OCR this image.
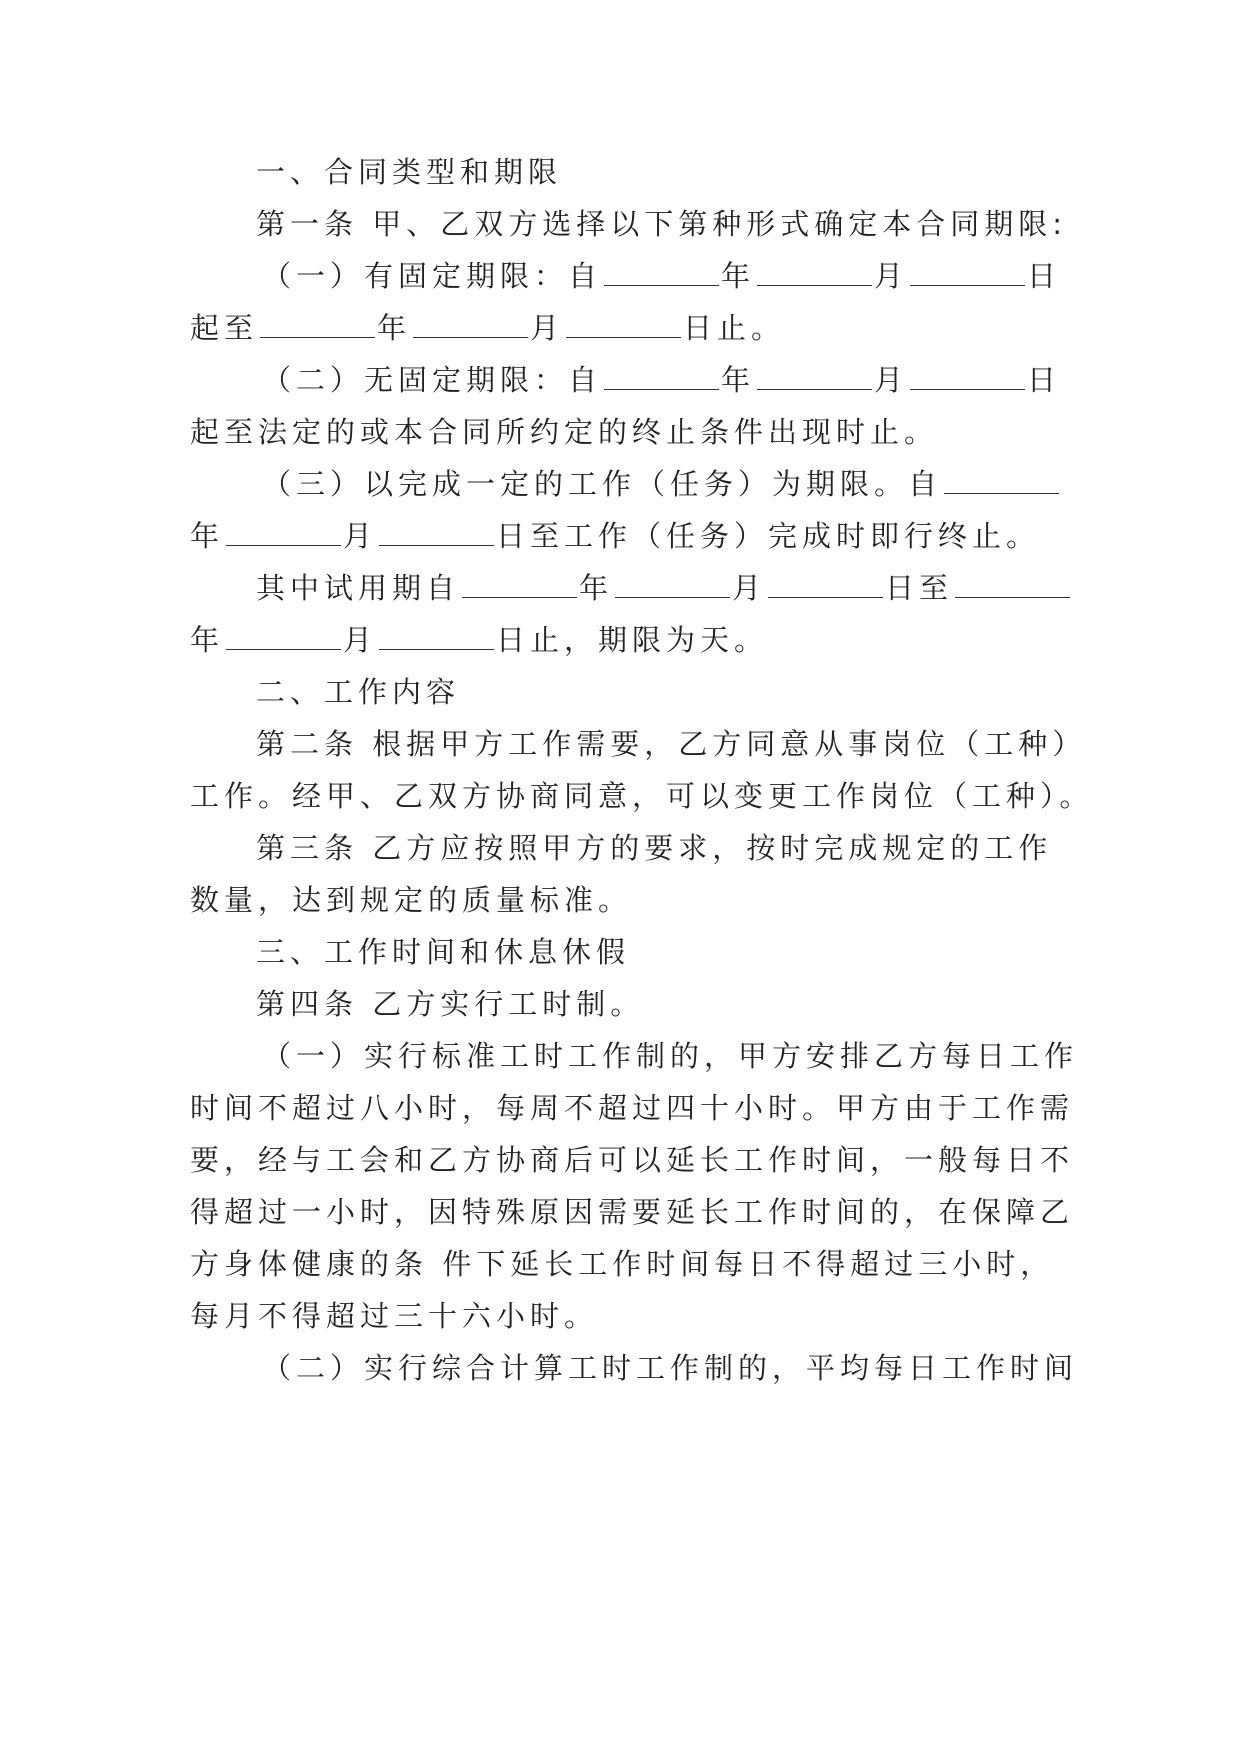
一、合同类型和期限
第一条 甲、乙双方选择以下第种形式确定本合同期限:
（一）有固定期限：自	年	月	日
起至	年	月	日止。
（二）无固定期限：自	年	月	日
起至法定的或本合同所约定的终止条件出现时止。
（三）以完成一定的工作（任务）为期限。自
年	月	日至工作（任务）完成时即行终止。
其中试用期自	年	月	日至
年	月	日止，期限为天。
二、工作内容
第二条 根据甲方工作需要，乙方同意从事岗位（工种）
工作。经甲、乙双方协商同意，可以变更工作岗位（工种）。
第三条 乙方应按照甲方的要求，按时完成规定的工作
数量，达到规定的质量标准。
三、工作时间和休息休假
第四条 乙方实行工时制。
（一）实行标准工时工作制的，甲方安排乙方每日工作
时间不超过八小时，每周不超过四十小时。甲方由于工作需
要，经与工会和乙方协商后可以延长工作时间，一般每日不
得超过一小时，因特殊原因需要延长工作时间的，在保障乙
方身体健康的条 件下延长工作时间每日不得超过三小时，
每月不得超过三十六小时。
（二）实行综合计算工时工作制的，平均每日工作时间
